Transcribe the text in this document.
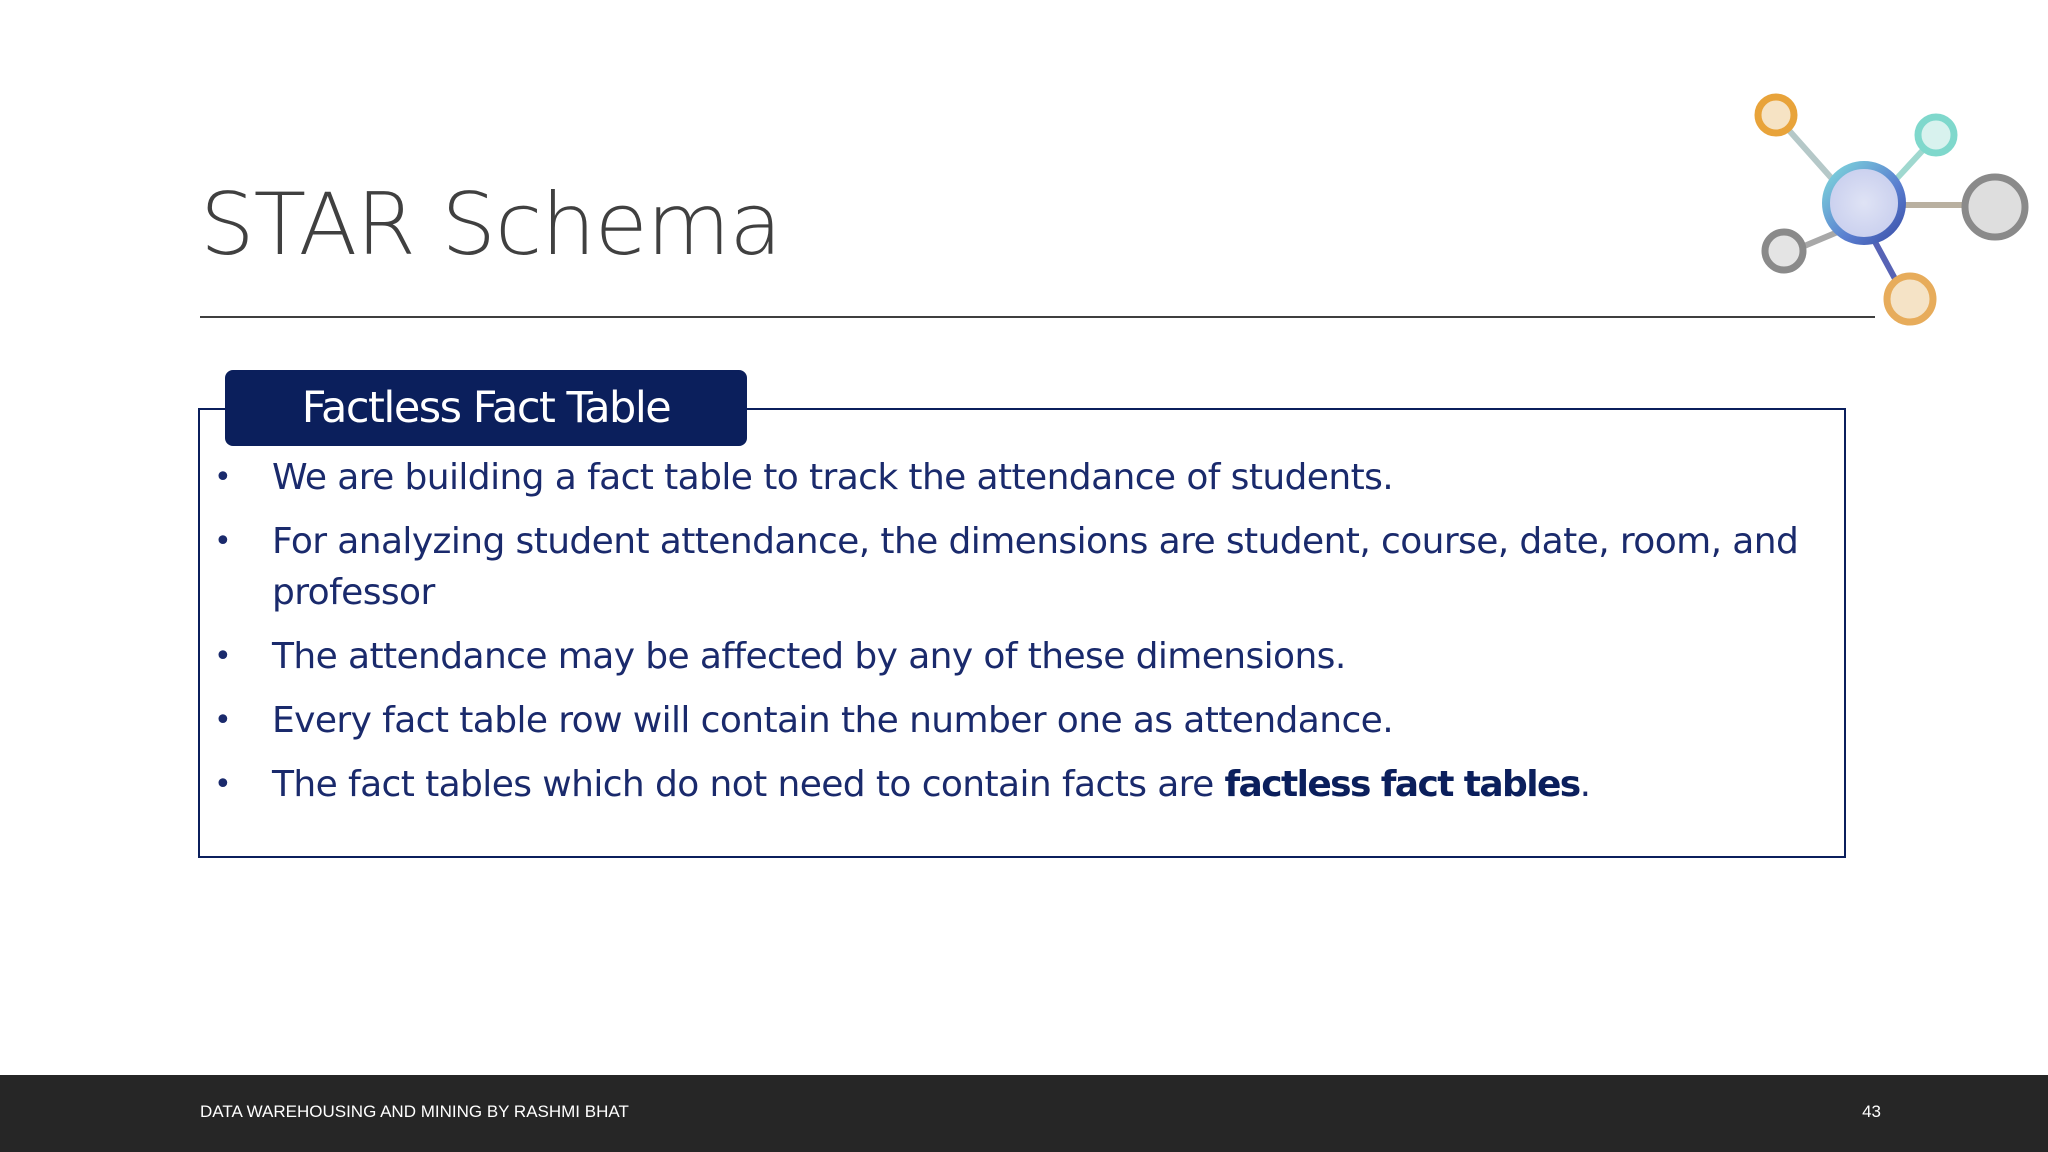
STAR Schema
Factless Fact Table
• We are building a fact table to track the attendance of students.
• For analyzing student attendance, the dimensions are student, course, date, room, and professor
• The attendance may be affected by any of these dimensions.
• Every fact table row will contain the number one as attendance.
• The fact tables which do not need to contain facts are factless fact tables.
DATA WAREHOUSING AND MINING BY RASHMI BHAT	43
